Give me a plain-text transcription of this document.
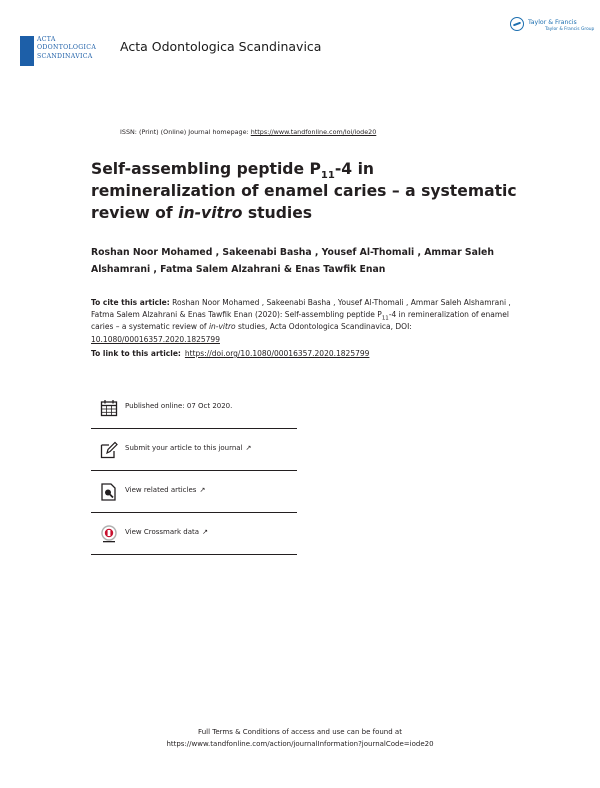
ACTA
ODONTOLOGICA
SCANDINAVICA
Acta Odontologica Scandinavica
Taylor & Francis
Taylor & Francis Group
ISSN: (Print) (Online) Journal homepage: https://www.tandfonline.com/loi/iode20
Self-assembling peptide $P_{11}-4$ in remineralization of enamel caries – a systematic review of in-vitro studies
Roshan Noor Mohamed , Sakeenabi Basha , Yousef Al-Thomali , Ammar Saleh Alshamrani , Fatma Salem Alzahrani & Enas Tawfik Enan
To cite this article: Roshan Noor Mohamed , Sakeenabi Basha , Yousef Al-Thomali , Ammar Saleh Alshamrani , Fatma Salem Alzahrani & Enas Tawfik Enan (2020): Self-assembling peptide $P_{11}-4$ in remineralization of enamel caries – a systematic review of in-vitro studies, Acta Odontologica Scandinavica, DOI: 10.1080/00016357.2020.1825799
To link to this article: https://doi.org/10.1080/00016357.2020.1825799
Published online: 07 Oct 2020.
Submit your article to this journal ↗
View related articles ↗
View Crossmark data ↗
Full Terms & Conditions of access and use can be found at
https://www.tandfonline.com/action/journalInformation?journalCode=iode20
